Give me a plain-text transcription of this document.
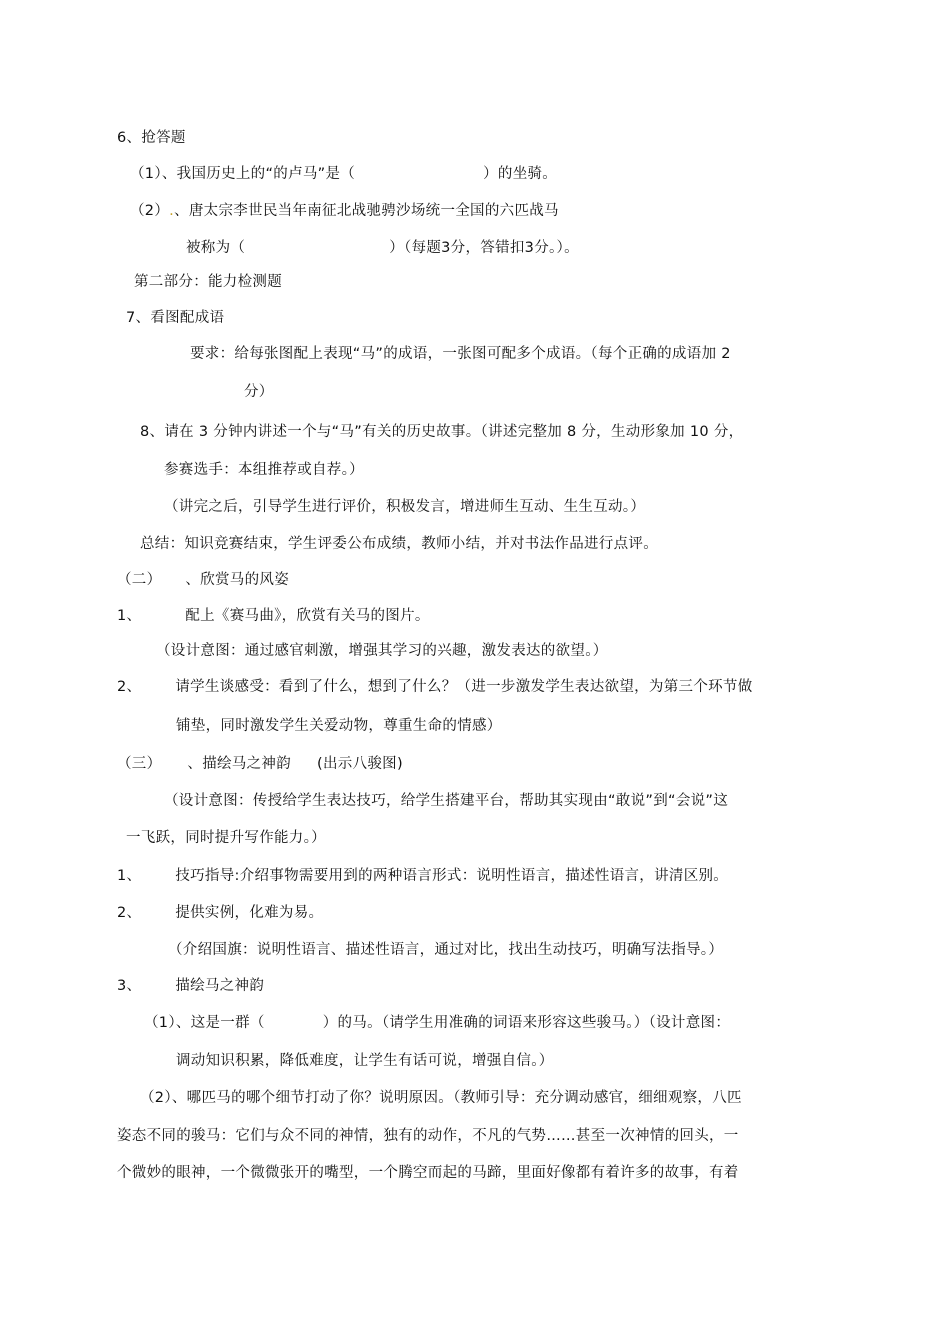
6、抢答题
（1）、我国历史上的“的卢马”是（	）的坐骑。
（2）.、唐太宗李世民当年南征北战驰骋沙场统一全国的六匹战马
被称为（	）（每题3分，答错扣3分。）。
第二部分：能力检测题
7、看图配成语
要求：给每张图配上表现“马”的成语，一张图可配多个成语。（每个正确的成语加 2
分）
8、请在 3 分钟内讲述一个与“马”有关的历史故事。（讲述完整加 8 分，生动形象加 10 分，
参赛选手：本组推荐或自荐。）
（讲完之后，引导学生进行评价，积极发言，增进师生互动、生生互动。）
总结：知识竞赛结束，学生评委公布成绩，教师小结，并对书法作品进行点评。
（二） 、欣赏马的风姿
1、	配上《赛马曲》，欣赏有关马的图片。
（设计意图：通过感官刺激，增强其学习的兴趣，激发表达的欲望。）
2、 请学生谈感受：看到了什么，想到了什么？（进一步激发学生表达欲望，为第三个环节做
铺垫，同时激发学生关爱动物，尊重生命的情感）
（三） 、描绘马之神韵 (出示八骏图)
（设计意图：传授给学生表达技巧，给学生搭建平台，帮助其实现由“敢说”到“会说”这
一飞跃，同时提升写作能力。）
1、 技巧指导:介绍事物需要用到的两种语言形式：说明性语言，描述性语言，讲清区别。
2、 提供实例，化难为易。
（介绍国旗：说明性语言、描述性语言，通过对比，找出生动技巧，明确写法指导。）
3、 描绘马之神韵
（1）、这是一群（	）的马。（请学生用准确的词语来形容这些骏马。）（设计意图：
调动知识积累，降低难度，让学生有话可说，增强自信。）
（2）、哪匹马的哪个细节打动了你？说明原因。（教师引导：充分调动感官，细细观察，八匹
姿态不同的骏马：它们与众不同的神情，独有的动作，不凡的气势……甚至一次神情的回头，一
个微妙的眼神，一个微微张开的嘴型，一个腾空而起的马蹄，里面好像都有着许多的故事，有着
